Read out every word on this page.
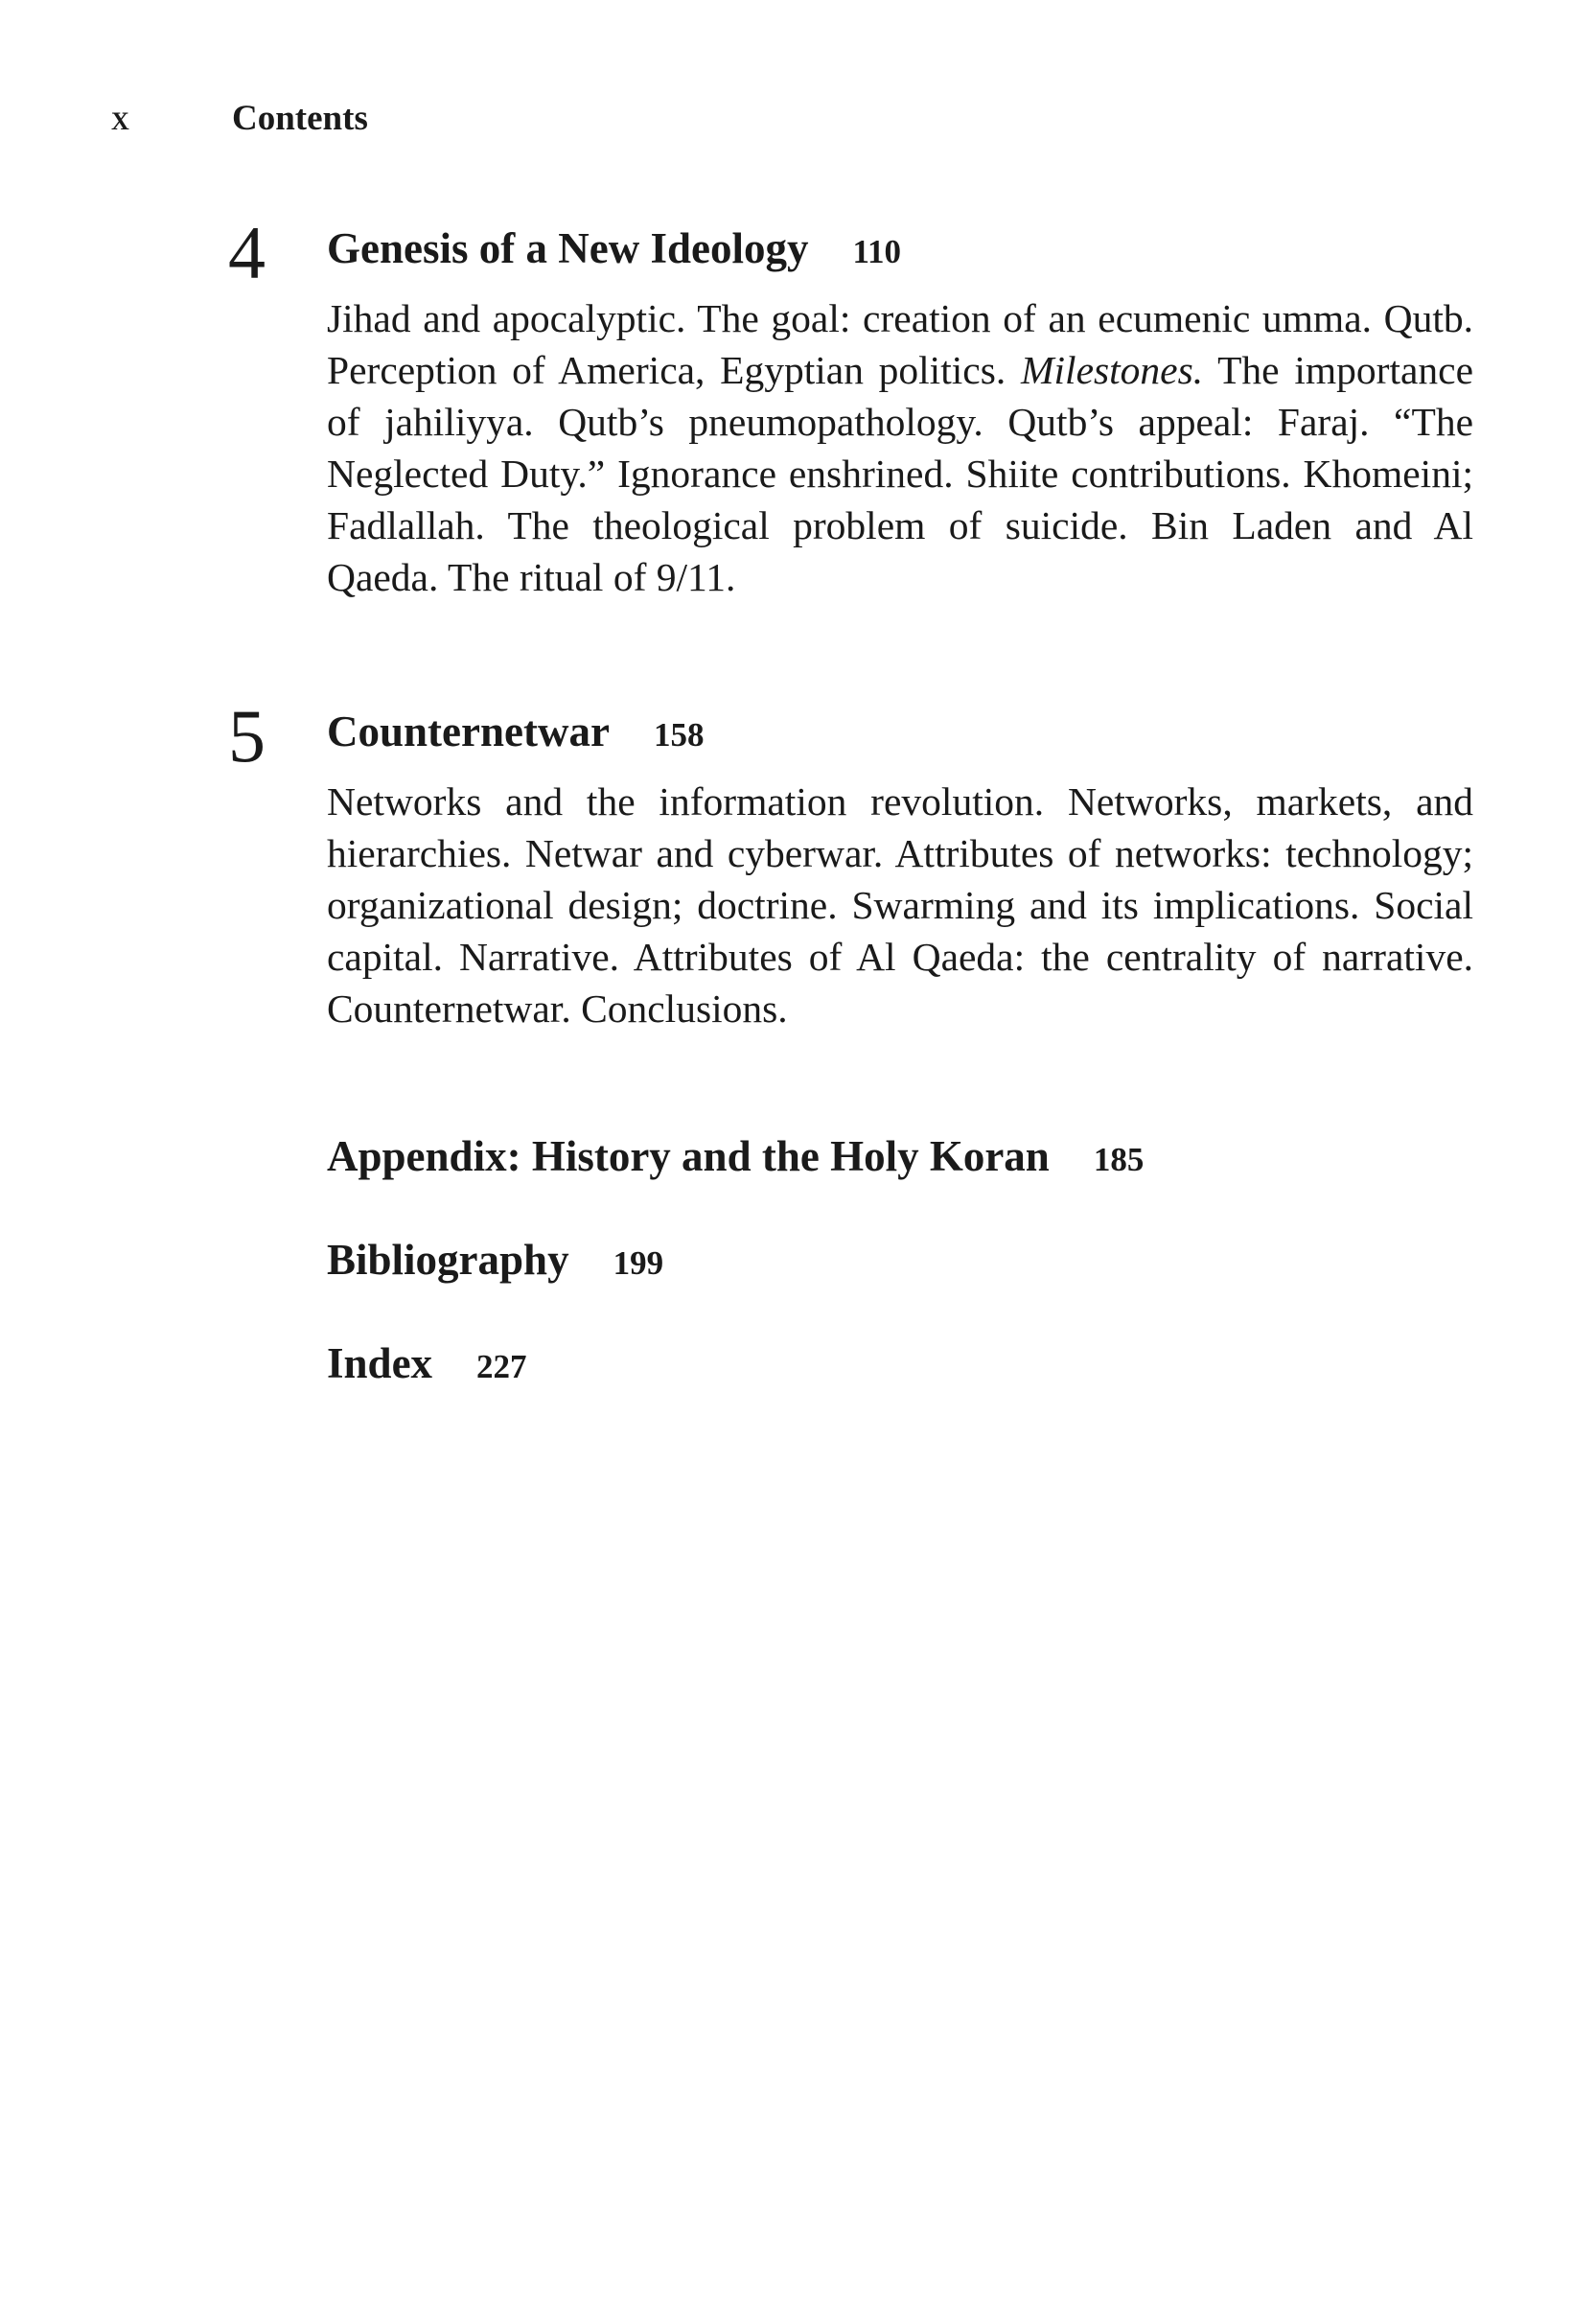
x	Contents
4 Genesis of a New Ideology 110
Jihad and apocalyptic. The goal: creation of an ecumenic umma. Qutb. Perception of America, Egyptian politics. Milestones. The importance of jahiliyya. Qutb’s pneumopathology. Qutb’s appeal: Faraj. “The Neglected Duty.” Ignorance enshrined. Shiite contributions. Khomeini; Fadlallah. The theological problem of suicide. Bin Laden and Al Qaeda. The ritual of 9/11.
5 Counternetwar 158
Networks and the information revolution. Networks, markets, and hierarchies. Netwar and cyberwar. Attributes of networks: technology; organizational design; doctrine. Swarming and its implications. Social capital. Narrative. Attributes of Al Qaeda: the centrality of narrative. Counternetwar. Conclusions.
Appendix: History and the Holy Koran 185
Bibliography 199
Index 227
